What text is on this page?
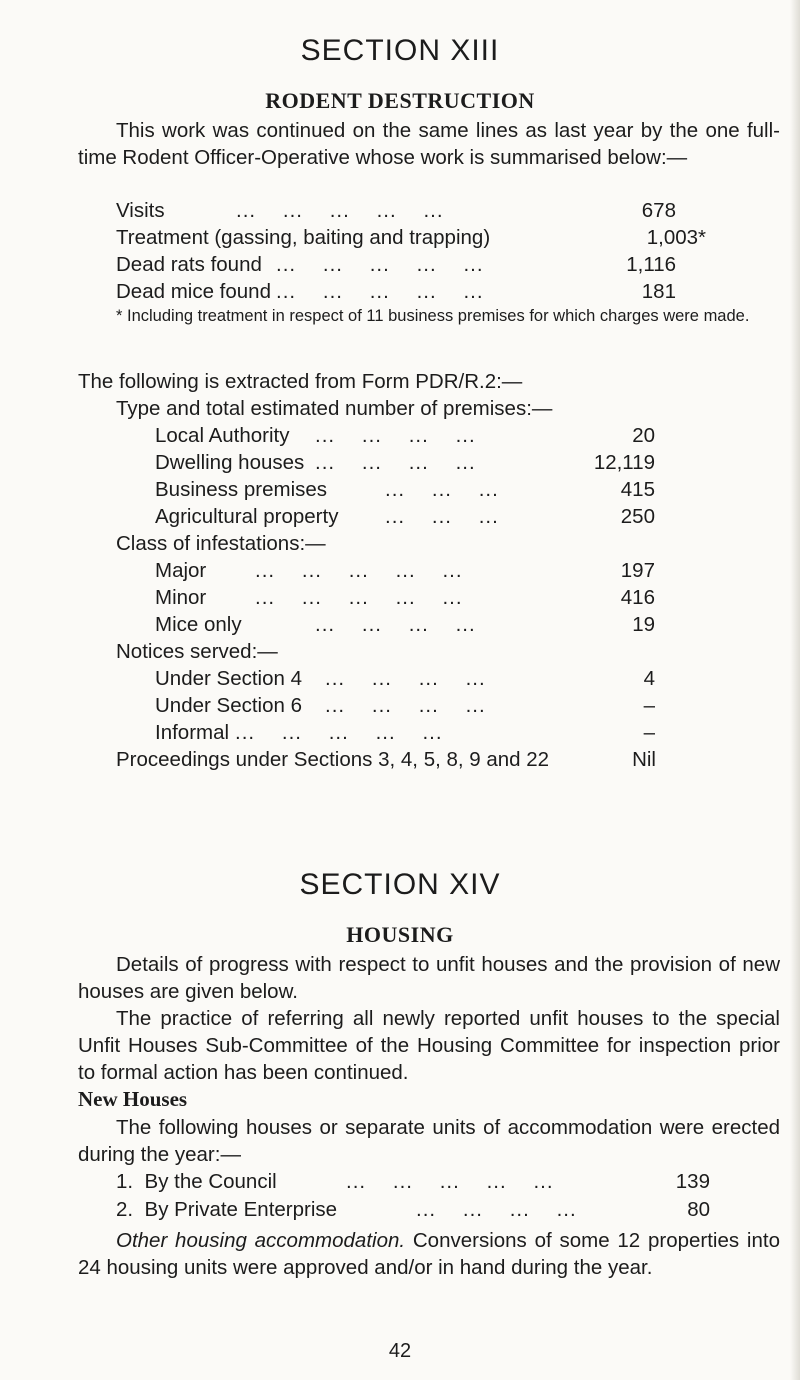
SECTION XIII
RODENT DESTRUCTION
This work was continued on the same lines as last year by the one full-time Rodent Officer-Operative whose work is summarised below:—
Visits	...    ...    ...    ...    ...	678
Treatment (gassing, baiting and trapping)	1,003*
Dead rats found ...    ...    ...    ...    ...	1,116
Dead mice found ...    ...    ...    ...    ...	181
* Including treatment in respect of 11 business premises for which charges were made.
The following is extracted from Form PDR/R.2:—
Type and total estimated number of premises:—
Local Authority ...    ...    ...    ...	20
Dwelling houses ...    ...    ...    ...	12,119
Business premises	...    ...    ...	415
Agricultural property ...    ...    ...	250
Class of infestations:—
Major ...    ...    ...    ...    ...	197
Minor ...    ...    ...    ...    ...	416
Mice only	...    ...    ...    ...	19
Notices served:—
Under Section 4 ...    ...    ...    ...	4
Under Section 6 ...    ...    ...    ...	–
Informal ...    ...    ...    ...    ...	–
Proceedings under Sections 3, 4, 5, 8, 9 and 22	Nil
SECTION XIV
HOUSING
Details of progress with respect to unfit houses and the provision of new houses are given below.
The practice of referring all newly reported unfit houses to the special Unfit Houses Sub-Committee of the Housing Committee for inspection prior to formal action has been continued.
New Houses
The following houses or separate units of accommodation were erected during the year:—
1. By the Council	...    ...    ...    ...    ...	139
2. By Private Enterprise	...    ...    ...    ...	80
Other housing accommodation. Conversions of some 12 properties into 24 housing units were approved and/or in hand during the year.
42
